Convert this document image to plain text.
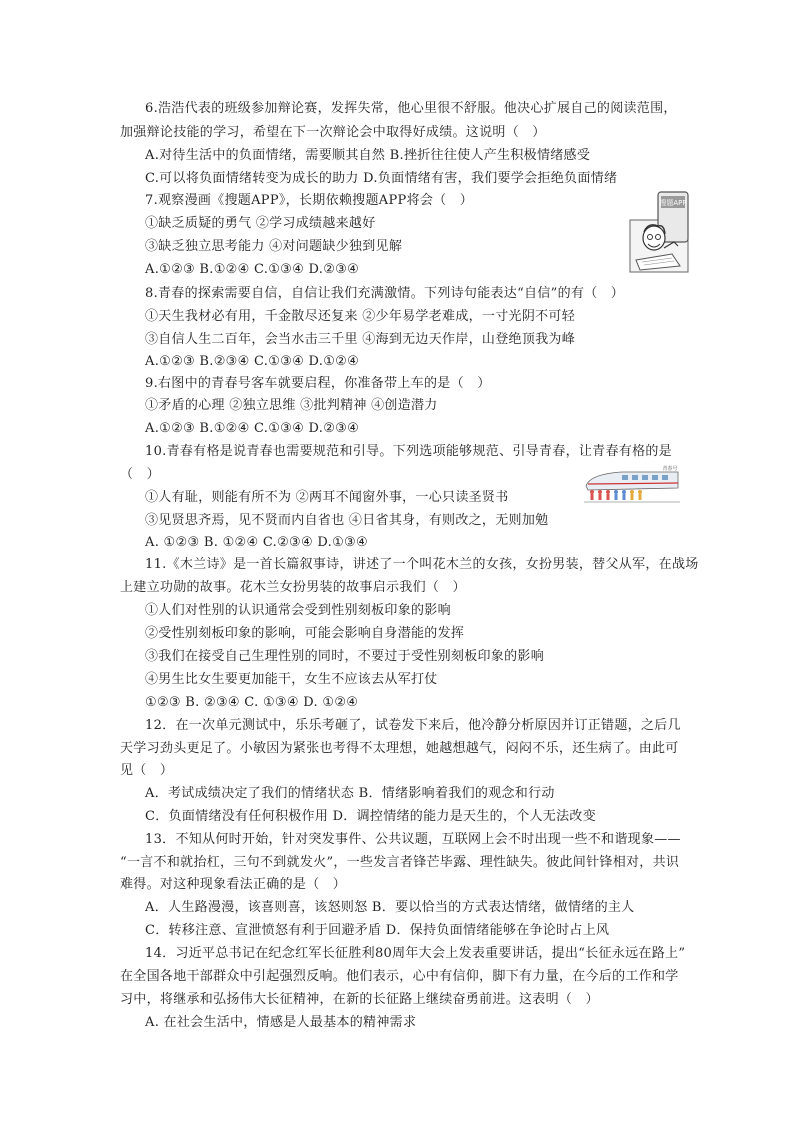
6.浩浩代表的班级参加辩论赛，发挥失常，他心里很不舒服。他决心扩展自己的阅读范围，
加强辩论技能的学习，希望在下一次辩论会中取得好成绩。这说明（　）
A.对待生活中的负面情绪，需要顺其自然 B.挫折往往使人产生积极情绪感受
C.可以将负面情绪转变为成长的助力 D.负面情绪有害，我们要学会拒绝负面情绪
7.观察漫画《搜题APP》，长期依赖搜题APP将会（　）
①缺乏质疑的勇气 ②学习成绩越来越好
③缺乏独立思考能力 ④对问题缺少独到见解
A.①②③ B.①②④ C.①③④ D.②③④
8.青春的探索需要自信，自信让我们充满激情。下列诗句能表达“自信”的有（　）
①天生我材必有用，千金散尽还复来 ②少年易学老难成，一寸光阴不可轻
③自信人生二百年，会当水击三千里 ④海到无边天作岸，山登绝顶我为峰
A.①②③ B.②③④ C.①③④ D.①②④
9.右图中的青春号客车就要启程，你准备带上车的是（　）
①矛盾的心理 ②独立思维 ③批判精神 ④创造潜力
A.①②③ B.①②④ C.①③④ D.②③④
10.青春有格是说青春也需要规范和引导。下列选项能够规范、引导青春，让青春有格的是
（　）
①人有耻，则能有所不为 ②两耳不闻窗外事，一心只读圣贤书
③见贤思齐焉，见不贤而内自省也 ④日省其身，有则改之，无则加勉
A. ①②③ B. ①②④ C.②③④ D.①③④
11.《木兰诗》是一首长篇叙事诗，讲述了一个叫花木兰的女孩，女扮男装，替父从军，在战场
上建立功勋的故事。花木兰女扮男装的故事启示我们（　）
①人们对性别的认识通常会受到性别刻板印象的影响
②受性别刻板印象的影响，可能会影响自身潜能的发挥
③我们在接受自己生理性别的同时，不要过于受性别刻板印象的影响
④男生比女生要更加能干，女生不应该去从军打仗
①②③ B. ②③④ C. ①③④ D. ①②④
12．在一次单元测试中，乐乐考砸了，试卷发下来后，他冷静分析原因并订正错题，之后几
天学习劲头更足了。小敏因为紧张也考得不太理想，她越想越气，闷闷不乐，还生病了。由此可
见（　）
A．考试成绩决定了我们的情绪状态 B．情绪影响着我们的观念和行动
C．负面情绪没有任何积极作用 D．调控情绪的能力是天生的，个人无法改变
13．不知从何时开始，针对突发事件、公共议题，互联网上会不时出现一些不和谐现象——
“一言不和就抬杠，三句不到就发火”，一些发言者锋芒毕露、理性缺失。彼此间针锋相对，共识
难得。对这种现象看法正确的是（　）
A．人生路漫漫，该喜则喜，该怒则怒 B．要以恰当的方式表达情绪，做情绪的主人
C．转移注意、宣泄愤怒有利于回避矛盾 D．保持负面情绪能够在争论时占上风
14．习近平总书记在纪念红军长征胜利80周年大会上发表重要讲话，提出“长征永远在路上”
在全国各地干部群众中引起强烈反响。他们表示，心中有信仰，脚下有力量，在今后的工作和学
习中，将继承和弘扬伟大长征精神，在新的长征路上继续奋勇前进。这表明（　）
A. 在社会生活中，情感是人最基本的精神需求
搜题APP
青春号
